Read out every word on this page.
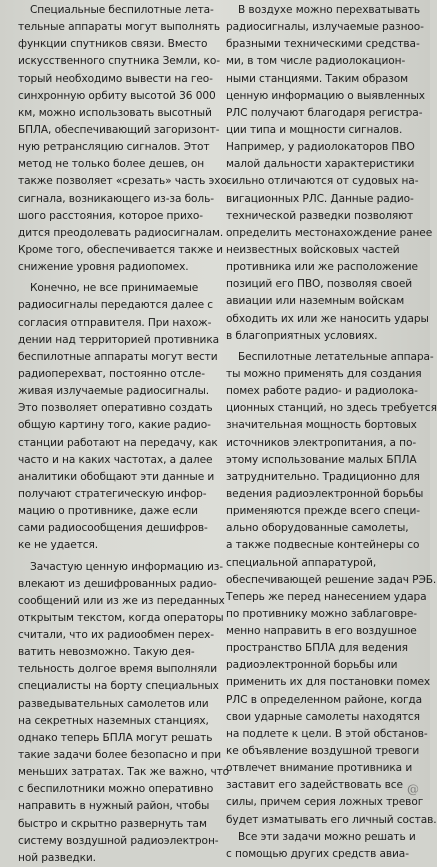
Специальные беспилотные лета-
тельные аппараты могут выполнять
функции спутников связи. Вместо
искусственного спутника Земли, ко-
торый необходимо вывести на гео-
синхронную орбиту высотой 36 000
км, можно использовать высотный
БПЛА, обеспечивающий загоризонт-
ную ретрансляцию сигналов. Этот
метод не только более дешев, он
также позволяет «срезать» часть эхо-
сигнала, возникающего из-за боль-
шого расстояния, которое прихо-
дится преодолевать радиосигналам.
Кроме того, обеспечивается также и
снижение уровня радиопомех.
Конечно, не все принимаемые
радиосигналы передаются далее с
согласия отправителя. При нахож-
дении над территорией противника
беспилотные аппараты могут вести
радиоперехват, постоянно отсле-
живая излучаемые радиосигналы.
Это позволяет оперативно создать
общую картину того, какие радио-
станции работают на передачу, как
часто и на каких частотах, а далее
аналитики обобщают эти данные и
получают стратегическую инфор-
мацию о противнике, даже если
сами радиосообщения дешифров-
ке не удается.
Зачастую ценную информацию из-
влекают из дешифрованных радио-
сообщений или из же из переданных
открытым текстом, когда операторы
считали, что их радиообмен перех-
ватить невозможно. Такую дея-
тельность долгое время выполняли
специалисты на борту специальных
разведывательных самолетов или
на секретных наземных станциях,
однако теперь БПЛА могут решать
такие задачи более безопасно и при
меньших затратах. Так же важно, что
с беспилотники можно оперативно
направить в нужный район, чтобы
быстро и скрытно развернуть там
систему воздушной радиоэлектрон-
ной разведки.
В воздухе можно перехватывать
радиосигналы, излучаемые разноо-
бразными техническими средства-
ми, в том числе радиолокацион-
ными станциями. Таким образом
ценную информацию о выявленных
РЛС получают благодаря регистра-
ции типа и мощности сигналов.
Например, у радиолокаторов ПВО
малой дальности характеристики
сильно отличаются от судовых на-
вигационных РЛС. Данные радио-
технической разведки позволяют
определить местонахождение ранее
неизвестных войсковых частей
противника или же расположение
позиций его ПВО, позволяя своей
авиации или наземным войскам
обходить их или же наносить удары
в благоприятных условиях.
Беспилотные летательные аппара-
ты можно применять для создания
помех работе радио- и радиолока-
ционных станций, но здесь требуется
значительная мощность бортовых
источников электропитания, а по-
этому использование малых БПЛА
затруднительно. Традиционно для
ведения радиоэлектронной борьбы
применяются прежде всего специ-
ально оборудованные самолеты,
а также подвесные контейнеры со
специальной аппаратурой,
обеспечивающей решение задач РЭБ.
Теперь же перед нанесением удара
по противнику можно заблаговре-
менно направить в его воздушное
пространство БПЛА для ведения
радиоэлектронной борьбы или
применить их для постановки помех
РЛС в определенном районе, когда
свои ударные самолеты находятся
на подлете к цели. В этой обстанов-
ке объявление воздушной тревоги
отвлечет внимание противника и
заставит его задействовать все
силы, причем серия ложных тревог
будет изматывать его личный состав.
Все эти задачи можно решать и
с помощью других средств авиа-
@
